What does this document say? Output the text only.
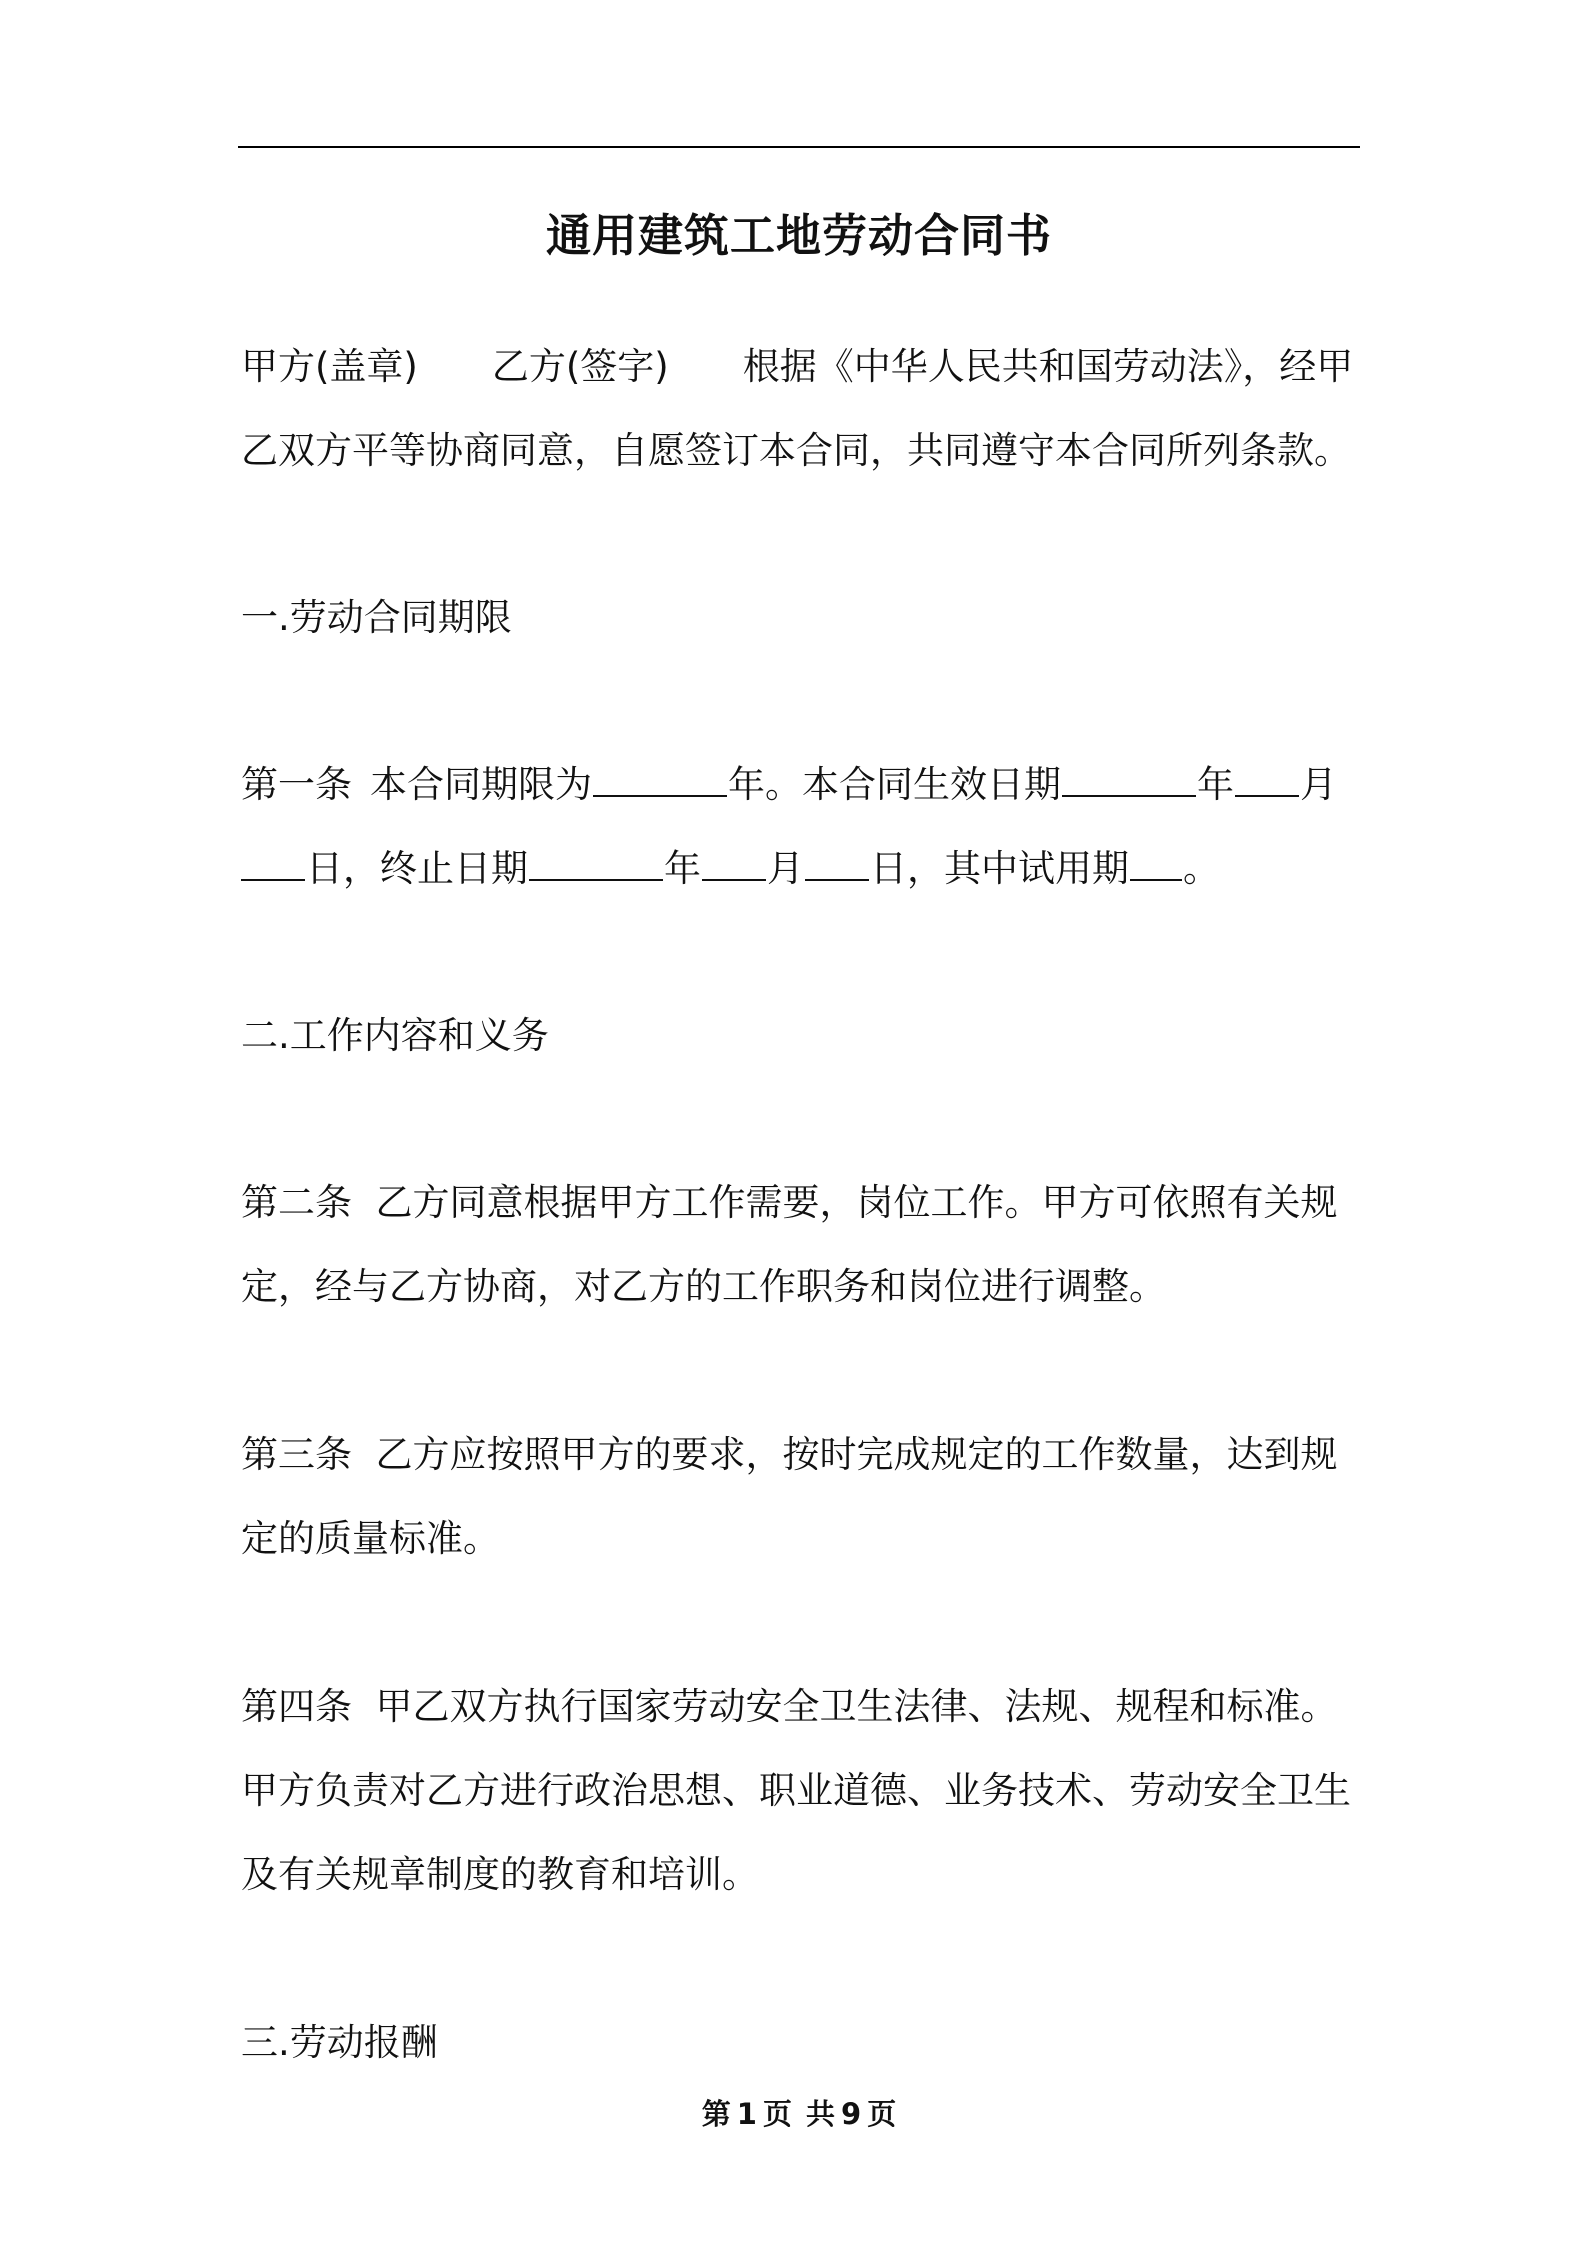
通用建筑工地劳动合同书

甲方(盖章) 乙方(签字) 根据《中华人民共和国劳动法》，经甲

乙双方平等协商同意，自愿签订本合同，共同遵守本合同所列条款。

一.劳动合同期限

第一条 本合同期限为	年。本合同生效日期	年 月

日，终止日期	年 月 日，其中试用期 。

二.工作内容和义务

第二条  乙方同意根据甲方工作需要，岗位工作。甲方可依照有关规

定，经与乙方协商，对乙方的工作职务和岗位进行调整。

第三条  乙方应按照甲方的要求，按时完成规定的工作数量，达到规

定的质量标准。

第四条  甲乙双方执行国家劳动安全卫生法律、法规、规程和标准。

甲方负责对乙方进行政治思想、职业道德、业务技术、劳动安全卫生

及有关规章制度的教育和培训。

三.劳动报酬

第 1 页 共 9 页
